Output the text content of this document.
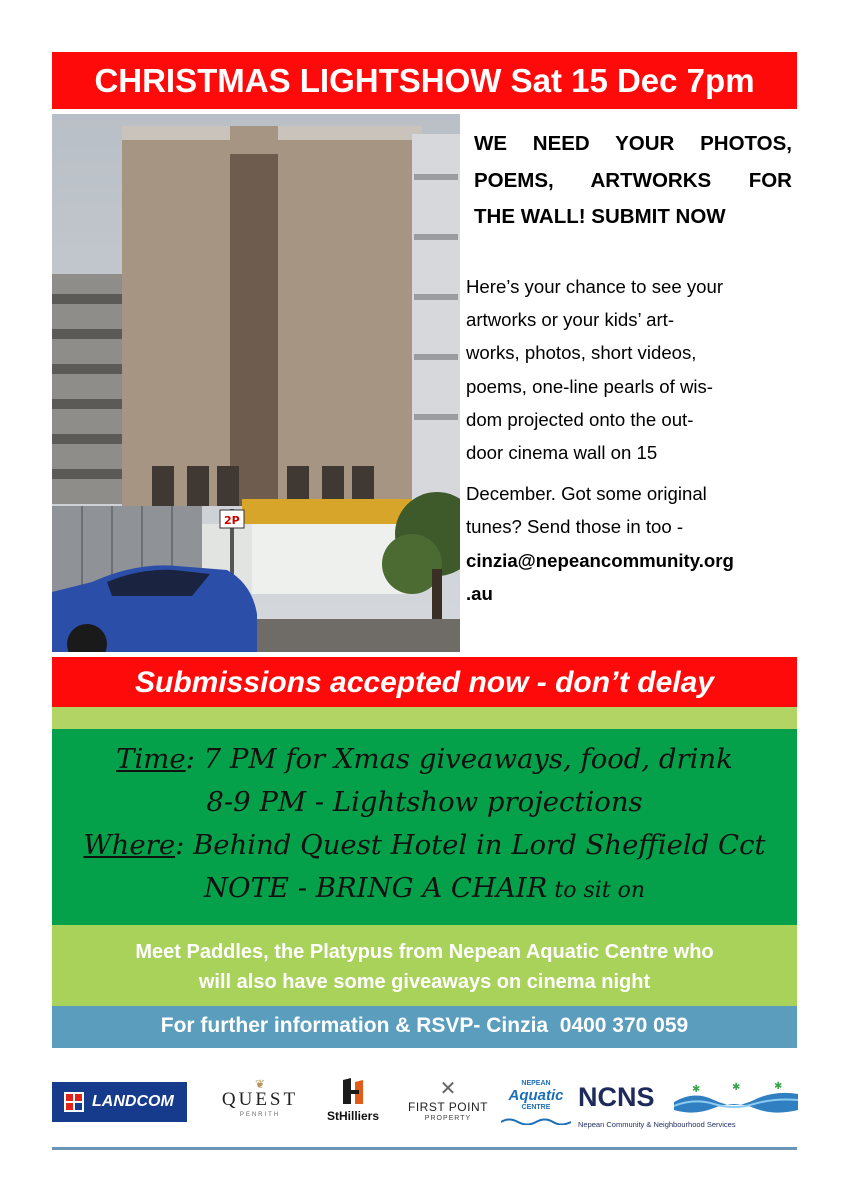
CHRISTMAS LIGHTSHOW Sat 15 Dec 7pm
2P
WE NEED YOUR PHOTOS,
POEMS, ARTWORKS FOR
THE WALL! SUBMIT NOW
Here’s your chance to see your
artworks or your kids’ art-
works, photos, short videos,
poems, one-line pearls of wis-
dom projected onto the out-
door cinema wall on 15
December. Got some original
tunes? Send those in too -
cinzia@nepeancommunity.org
.au
Submissions accepted now - don’t delay
Time: 7 PM for Xmas giveaways, food, drink
8-9 PM - Lightshow projections
Where: Behind Quest Hotel in Lord Sheffield Cct
NOTE - BRING A CHAIR to sit on
Meet Paddles, the Platypus from Nepean Aquatic Centre who
will also have some giveaways on cinema night
For further information & RSVP- Cinzia  0400 370 059
LANDCOM
❦
QUEST
PENRITH	StHilliers
✕
FIRST POINT
PROPERTY
NEPEAN
Aquatic
CENTRE	NCNS	✱	✱	✱
Nepean Community & Neighbourhood Services
